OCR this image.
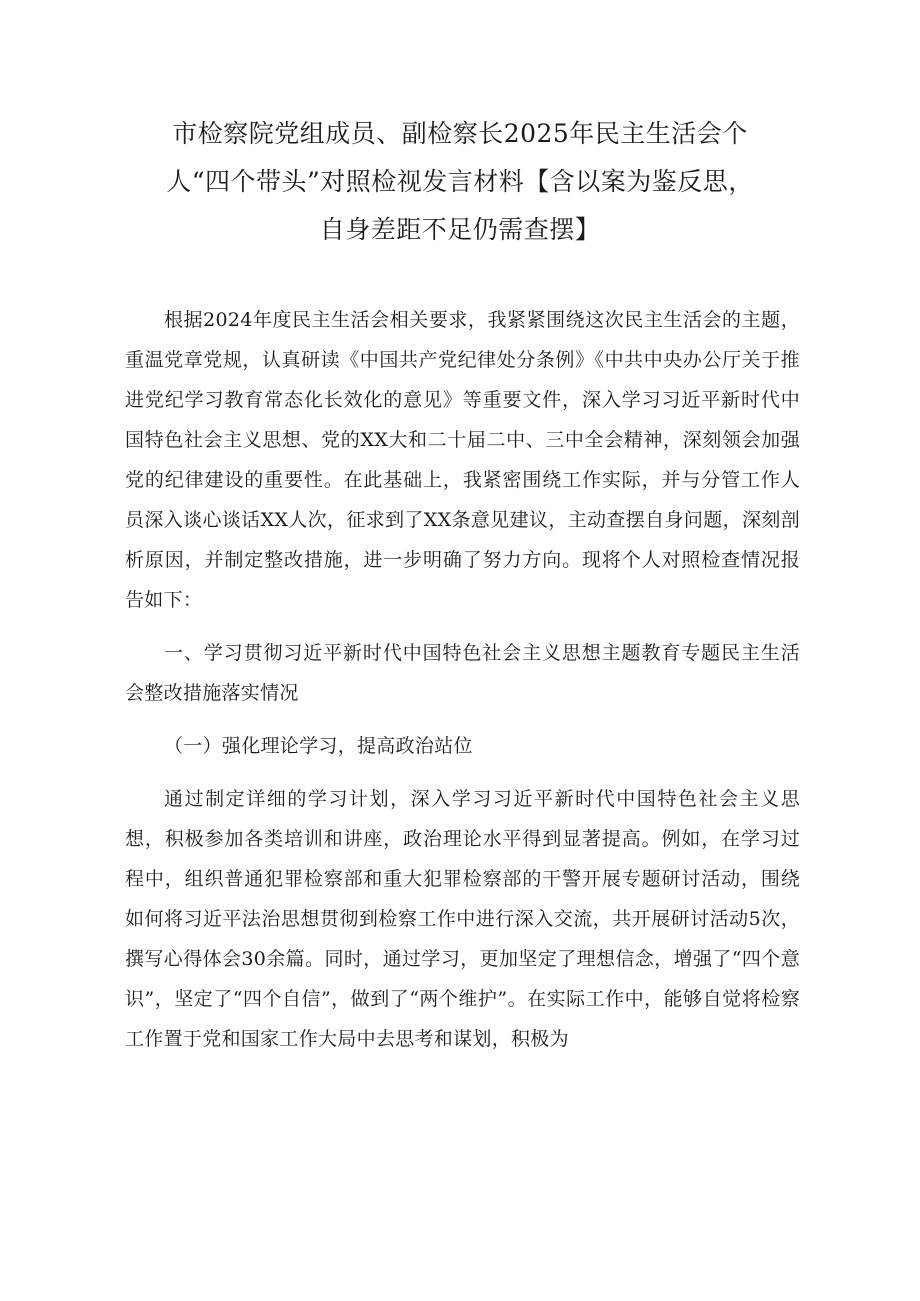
市检察院党组成员、副检察长2025年民主生活会个
人“四个带头”对照检视发言材料【含以案为鉴反思，
自身差距不足仍需查摆】

根据2024年度民主生活会相关要求，我紧紧围绕这次民主生活会的主题，重温党章党规，认真研读《中国共产党纪律处分条例》《中共中央办公厅关于推进党纪学习教育常态化长效化的意见》等重要文件，深入学习习近平新时代中国特色社会主义思想、党的XX大和二十届二中、三中全会精神，深刻领会加强党的纪律建设的重要性。在此基础上，我紧密围绕工作实际，并与分管工作人员深入谈心谈话XX人次，征求到了XX条意见建议，主动查摆自身问题，深刻剖析原因，并制定整改措施，进一步明确了努力方向。现将个人对照检查情况报告如下：

一、学习贯彻习近平新时代中国特色社会主义思想主题教育专题民主生活会整改措施落实情况

（一）强化理论学习，提高政治站位

通过制定详细的学习计划，深入学习习近平新时代中国特色社会主义思想，积极参加各类培训和讲座，政治理论水平得到显著提高。例如，在学习过程中，组织普通犯罪检察部和重大犯罪检察部的干警开展专题研讨活动，围绕如何将习近平法治思想贯彻到检察工作中进行深入交流，共开展研讨活动5次，撰写心得体会30余篇。同时，通过学习，更加坚定了理想信念，增强了“四个意识”，坚定了“四个自信”，做到了“两个维护”。在实际工作中，能够自觉将检察工作置于党和国家工作大局中去思考和谋划，积极为
